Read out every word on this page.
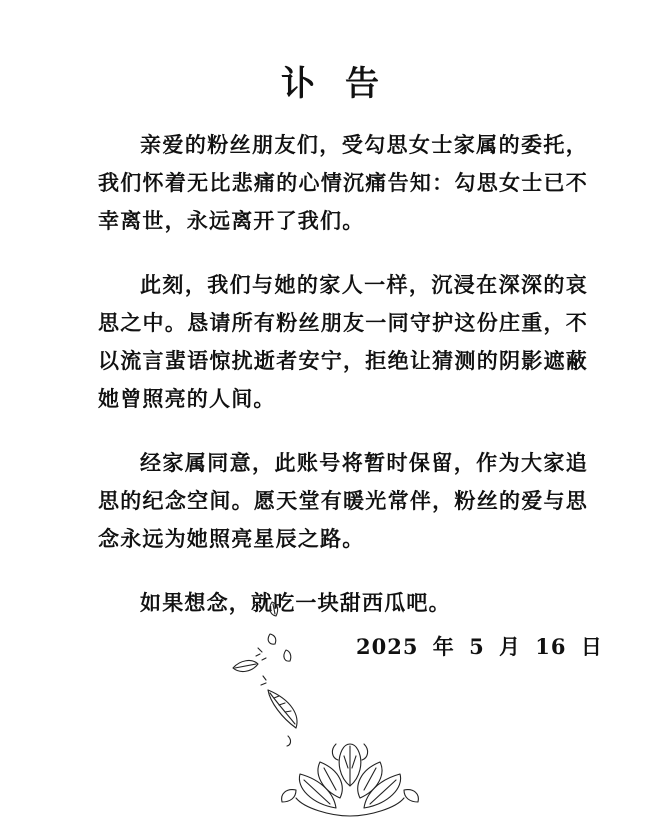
讣告

亲爱的粉丝朋友们，受勾思女士家属的委托，我们怀着无比悲痛的心情沉痛告知：勾思女士已不幸离世，永远离开了我们。

此刻，我们与她的家人一样，沉浸在深深的哀思之中。恳请所有粉丝朋友一同守护这份庄重，不以流言蜚语惊扰逝者安宁，拒绝让猜测的阴影遮蔽她曾照亮的人间。

经家属同意，此账号将暂时保留，作为大家追思的纪念空间。愿天堂有暖光常伴，粉丝的爱与思念永远为她照亮星辰之路。

如果想念，就吃一块甜西瓜吧。

2025 年 5 月 16 日
